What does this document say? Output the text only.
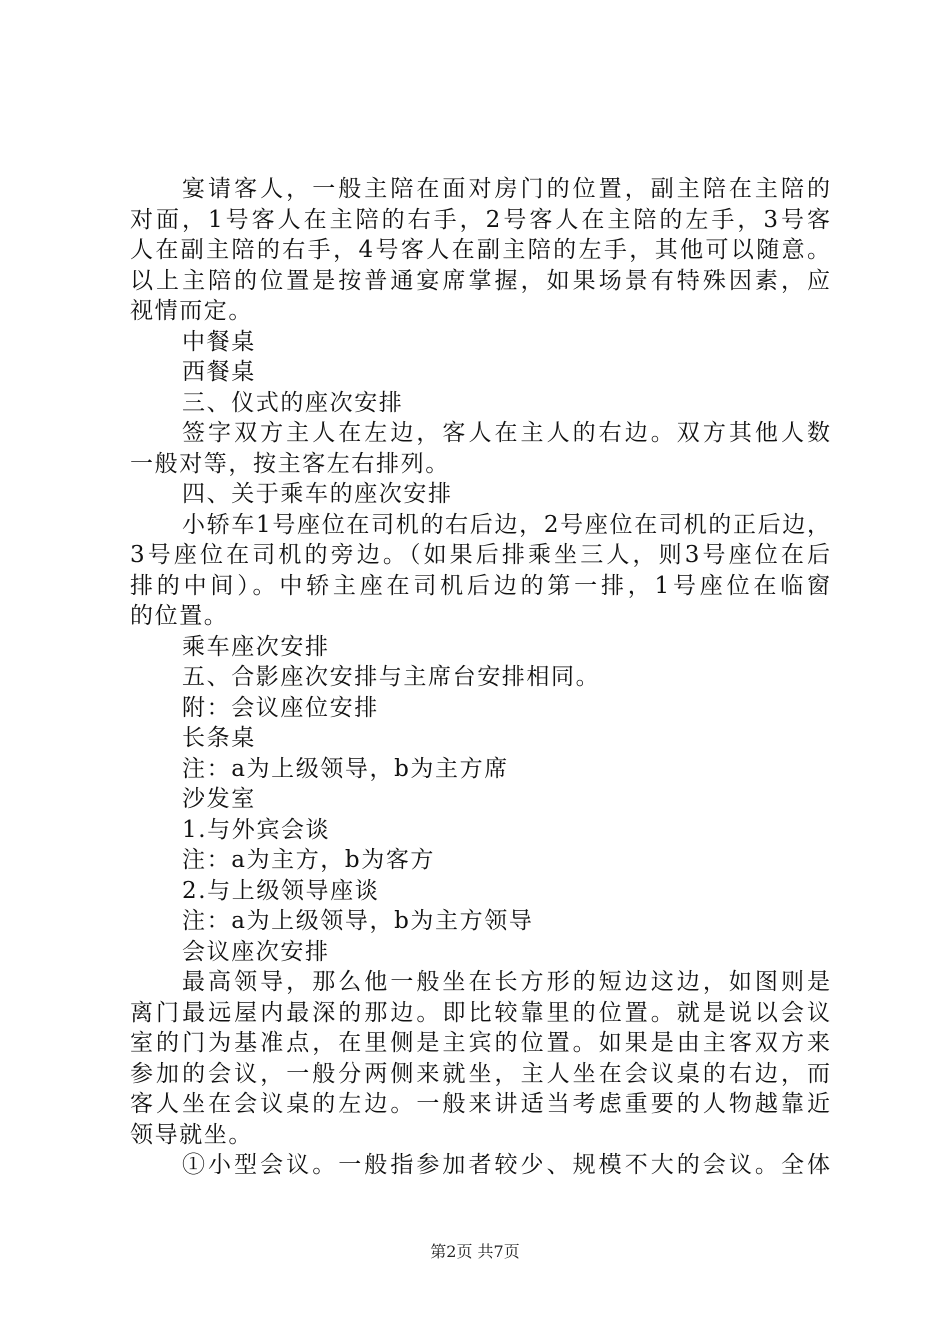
宴请客人，一般主陪在面对房门的位置，副主陪在主陪的
对面，1号客人在主陪的右手，2号客人在主陪的左手，3号客
人在副主陪的右手，4号客人在副主陪的左手，其他可以随意。
以上主陪的位置是按普通宴席掌握，如果场景有特殊因素，应
视情而定。
中餐桌
西餐桌
三、仪式的座次安排
签字双方主人在左边，客人在主人的右边。双方其他人数
一般对等，按主客左右排列。
四、关于乘车的座次安排
小轿车1号座位在司机的右后边，2号座位在司机的正后边，
3号座位在司机的旁边。（如果后排乘坐三人，则3号座位在后
排的中间）。中轿主座在司机后边的第一排，1号座位在临窗
的位置。
乘车座次安排
五、合影座次安排与主席台安排相同。
附：会议座位安排
长条桌
注：a为上级领导，b为主方席
沙发室
1.与外宾会谈
注：a为主方，b为客方
2.与上级领导座谈
注：a为上级领导，b为主方领导
会议座次安排
最高领导，那么他一般坐在长方形的短边这边，如图则是
离门最远屋内最深的那边。即比较靠里的位置。就是说以会议
室的门为基准点，在里侧是主宾的位置。如果是由主客双方来
参加的会议，一般分两侧来就坐，主人坐在会议桌的右边，而
客人坐在会议桌的左边。一般来讲适当考虑重要的人物越靠近
领导就坐。
①小型会议。一般指参加者较少、规模不大的会议。全体
第2页 共7页
